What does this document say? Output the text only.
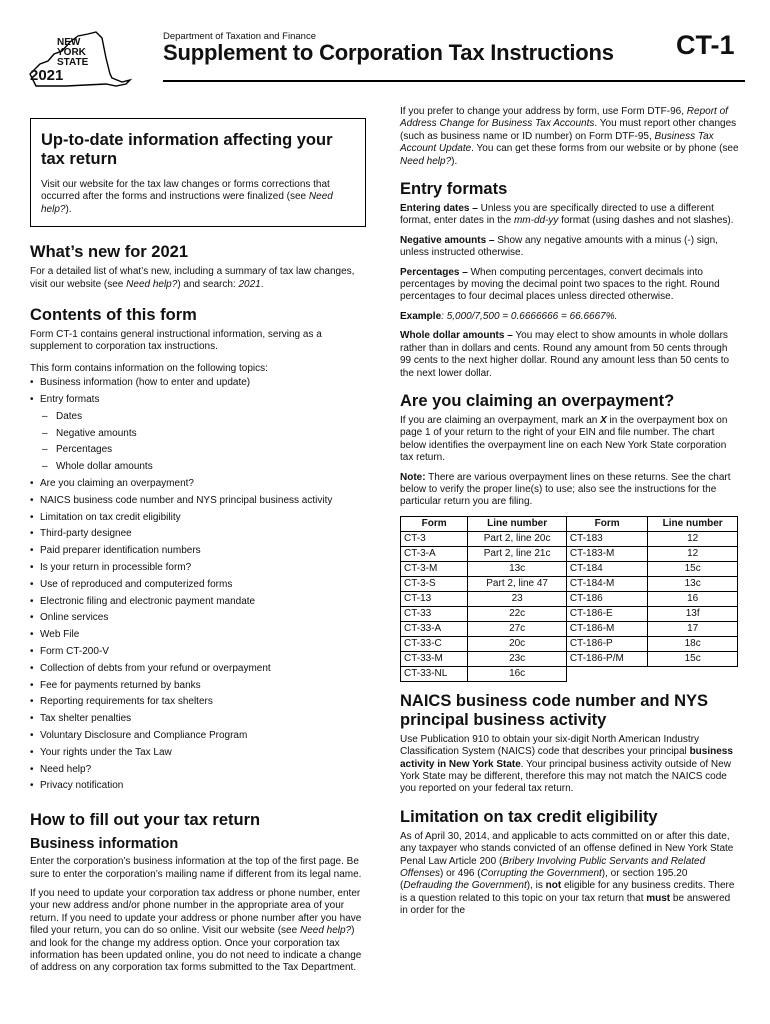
NEW
YORK
STATE
2021
Department of Taxation and Finance
Supplement to Corporation Tax Instructions CT-1
Up-to-date information affecting your tax return

Visit our website for the tax law changes or forms corrections that occurred after the forms and instructions were finalized (see Need help?).

What’s new for 2021

For a detailed list of what’s new, including a summary of tax law changes, visit our website (see Need help?) and search: 2021.

Contents of this form

Form CT-1 contains general instructional information, serving as a supplement to corporation tax instructions.

This form contains information on the following topics:

• Business information (how to enter and update)
• Entry formats
– Dates
– Negative amounts
– Percentages
– Whole dollar amounts
• Are you claiming an overpayment?
• NAICS business code number and NYS principal business activity
• Limitation on tax credit eligibility
• Third-party designee
• Paid preparer identification numbers
• Is your return in processible form?
• Use of reproduced and computerized forms
• Electronic filing and electronic payment mandate
• Online services
• Web File
• Form CT-200-V
• Collection of debts from your refund or overpayment
• Fee for payments returned by banks
• Reporting requirements for tax shelters
• Tax shelter penalties
• Voluntary Disclosure and Compliance Program
• Your rights under the Tax Law
• Need help?
• Privacy notification
How to fill out your tax return
Business information

Enter the corporation’s business information at the top of the first page. Be sure to enter the corporation’s mailing name if different from its legal name.

If you need to update your corporation tax address or phone number, enter your new address and/or phone number in the appropriate area of your return. If you need to update your address or phone number after you have filed your return, you can do so online. Visit our website (see Need help?) and look for the change my address option. Once your corporation tax information has been updated online, you do not need to indicate a change of address on any corporation tax forms submitted to the Tax Department.

If you prefer to change your address by form, use Form DTF-96, Report of Address Change for Business Tax Accounts. You must report other changes (such as business name or ID number) on Form DTF-95, Business Tax Account Update. You can get these forms from our website or by phone (see Need help?).

Entry formats

Entering dates – Unless you are specifically directed to use a different format, enter dates in the mm-dd-yy format (using dashes and not slashes).

Negative amounts – Show any negative amounts with a minus (-) sign, unless instructed otherwise.

Percentages – When computing percentages, convert decimals into percentages by moving the decimal point two spaces to the right. Round percentages to four decimal places unless directed otherwise.

Example: 5,000/7,500 = 0.6666666 = 66.6667%.

Whole dollar amounts – You may elect to show amounts in whole dollars rather than in dollars and cents. Round any amount from 50 cents through 99 cents to the next higher dollar. Round any amount less than 50 cents to the next lower dollar.

Are you claiming an overpayment?

If you are claiming an overpayment, mark an X in the overpayment box on page 1 of your return to the right of your EIN and file number. The chart below identifies the overpayment line on each New York State corporation tax return.

Note: There are various overpayment lines on these returns. See the chart below to verify the proper line(s) to use; also see the instructions for the particular return you are filing.

Form	Line number	Form	Line number
CT-3	Part 2, line 20c	CT-183	12
CT-3-A	Part 2, line 21c	CT-183-M	12
CT-3-M	13c	CT-184	15c
CT-3-S	Part 2, line 47	CT-184-M	13c
CT-13	23	CT-186	16
CT-33	22c	CT-186-E	13f
CT-33-A	27c	CT-186-M	17
CT-33-C	20c	CT-186-P	18c
CT-33-M	23c	CT-186-P/M	15c
CT-33-NL	16c		
NAICS business code number and NYS principal business activity

Use Publication 910 to obtain your six-digit North American Industry Classification System (NAICS) code that describes your principal business activity in New York State. Your principal business activity outside of New York State may be different, therefore this may not match the NAICS code you reported on your federal tax return.

Limitation on tax credit eligibility

As of April 30, 2014, and applicable to acts committed on or after this date, any taxpayer who stands convicted of an offense defined in New York State Penal Law Article 200 (Bribery Involving Public Servants and Related Offenses) or 496 (Corrupting the Government), or section 195.20 (Defrauding the Government), is not eligible for any business credits. There is a question related to this topic on your tax return that must be answered in order for the
